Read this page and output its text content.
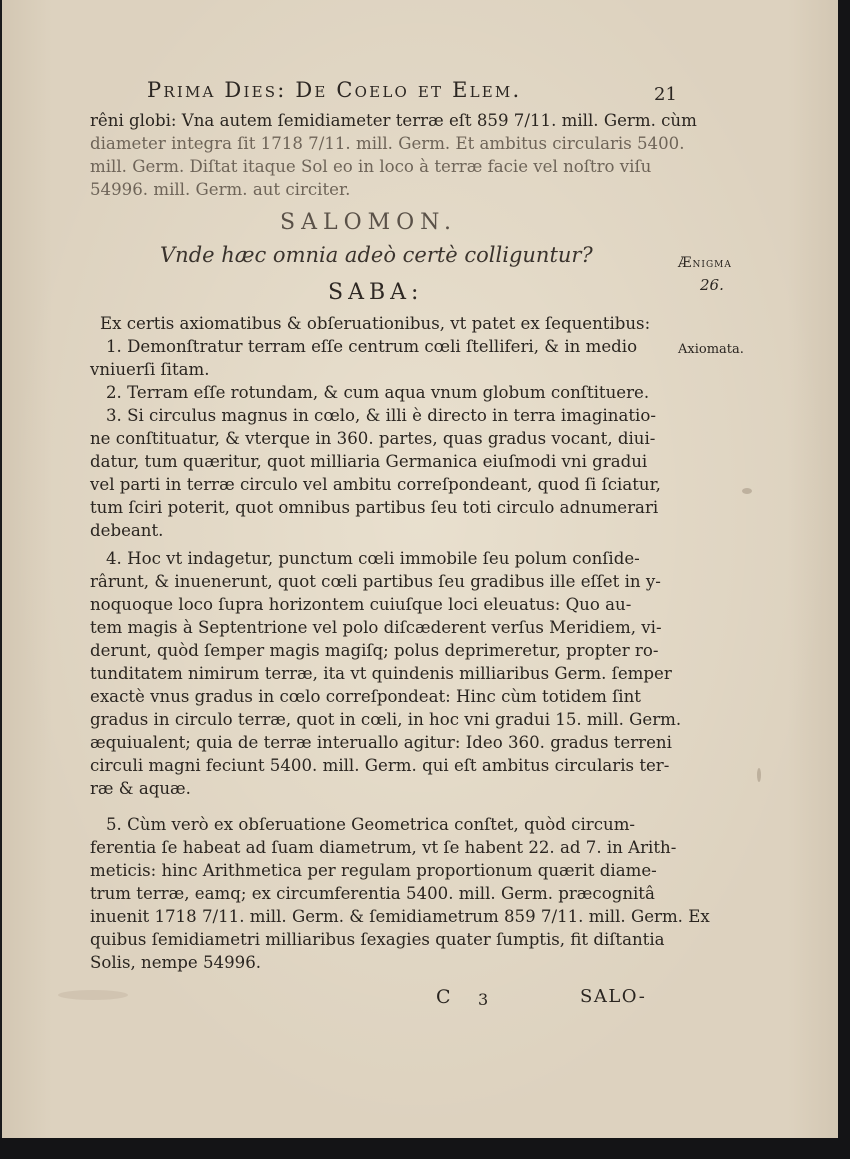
Prima Dies: De Coelo et Elem.	21
rêni globi: Vna autem ſemidiameter terræ eſt 859 7/11. mill. Germ. cùm
diameter integra ſit 1718 7/11. mill. Germ. Et ambitus circularis 5400.
mill. Germ. Diſtat itaque Sol eo in loco à terræ facie vel noſtro viſu
54996. mill. Germ. aut circiter.
SALOMON.
Vnde hæc omnia adeò certè colliguntur?	Ænigma
26.
SABA:
Ex certis axiomatibus & obſeruationibus, vt patet ex ſequentibus:
1. Demonſtratur terram eſſe centrum cœli ſtelliferi, & in medio	Axiomata.
vniuerſi ſitam.
2. Terram eſſe rotundam, & cum aqua vnum globum conſtituere.
3. Si circulus magnus in cœlo, & illi è directo in terra imaginatio-
ne conſtituatur, & vterque in 360. partes, quas gradus vocant, diui-
datur, tum quæritur, quot milliaria Germanica eiuſmodi vni gradui
vel parti in terræ circulo vel ambitu correſpondeant, quod ſi ſciatur,
tum ſciri poterit, quot omnibus partibus ſeu toti circulo adnumerari
debeant.
4. Hoc vt indagetur, punctum cœli immobile ſeu polum conſide-
rârunt, & inuenerunt, quot cœli partibus ſeu gradibus ille eſſet in y-
noquoque loco ſupra horizontem cuiuſque loci eleuatus: Quo au-
tem magis à Septentrione vel polo diſcæderent verſus Meridiem, vi-
derunt, quòd ſemper magis magiſq; polus deprimeretur, propter ro-
tunditatem nimirum terræ, ita vt quindenis milliaribus Germ. ſemper
exactè vnus gradus in cœlo correſpondeat: Hinc cùm totidem ſint
gradus in circulo terræ, quot in cœli, in hoc vni gradui 15. mill. Germ.
æquiualent; quia de terræ interuallo agitur: Ideo 360. gradus terreni
circuli magni feciunt 5400. mill. Germ. qui eſt ambitus circularis ter-
ræ & aquæ.
5. Cùm verò ex obſeruatione Geometrica conſtet, quòd circum-
ferentia ſe habeat ad ſuam diametrum, vt ſe habent 22. ad 7. in Arith-
meticis: hinc Arithmetica per regulam proportionum quærit diame-
trum terræ, eamq; ex circumferentia 5400. mill. Germ. præcognitâ
inuenit 1718 7/11. mill. Germ. & ſemidiametrum 859 7/11. mill. Germ. Ex
quibus ſemidiametri milliaribus ſexagies quater ſumptis, fit diſtantia
Solis, nempe 54996.
C 3	SALO-
